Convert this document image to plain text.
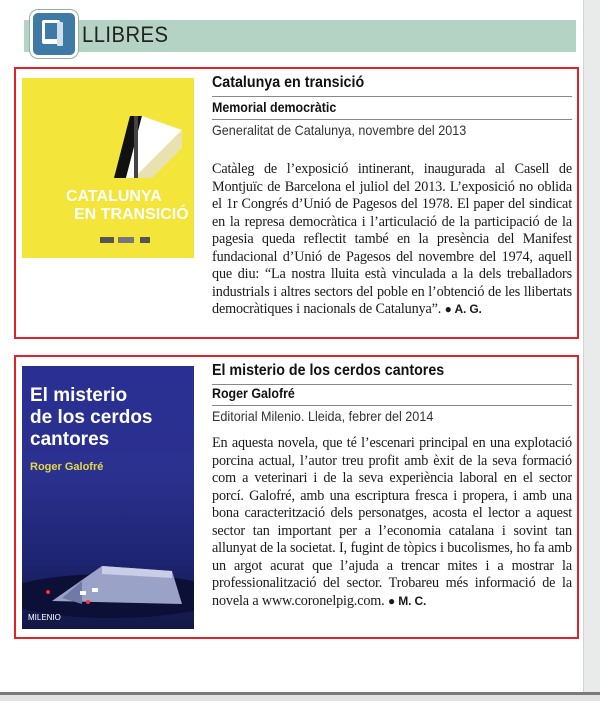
LLIBRES
CATALUNYA
EN TRANSICIÓ
Catalunya en transició
Memorial democràtic
Generalitat de Catalunya, novembre del 2013
Catàleg de l’exposició intinerant, inaugurada al Casell de Montjuïc de Barcelona el juliol del 2013. L’exposició no oblida el 1r Congrés d’Unió de Pagesos del 1978. El paper del sindicat en la represa democràtica i l’articulació de la participació de la pagesia queda reflectit també en la presència del Manifest fundacional d’Unió de Pagesos del novembre del 1974, aquell que diu: “La nostra lluita està vinculada a la dels treballadors industrials i altres sectors del poble en l’obtenció de les llibertats democràtiques i nacionals de Catalunya”. ● A. G.
El misterio
de los cerdos
cantores
Roger Galofré
MILENIO
El misterio de los cerdos cantores
Roger Galofré
Editorial Milenio. Lleida, febrer del 2014
En aquesta novela, que té l’escenari principal en una explotació porcina actual, l’autor treu profit amb èxit de la seva formació com a veterinari i de la seva experiència laboral en el sector porcí. Galofré, amb una escriptura fresca i propera, i amb una bona caracterització dels personatges, acosta el lector a aquest sector tan important per a l’economia catalana i sovint tan allunyat de la societat. I, fugint de tòpics i bucolismes, ho fa amb un argot acurat que l’ajuda a trencar mites i a mostrar la professionalització del sector. Trobareu més informació de la novela a www.coronelpig.com. ● M. C.
